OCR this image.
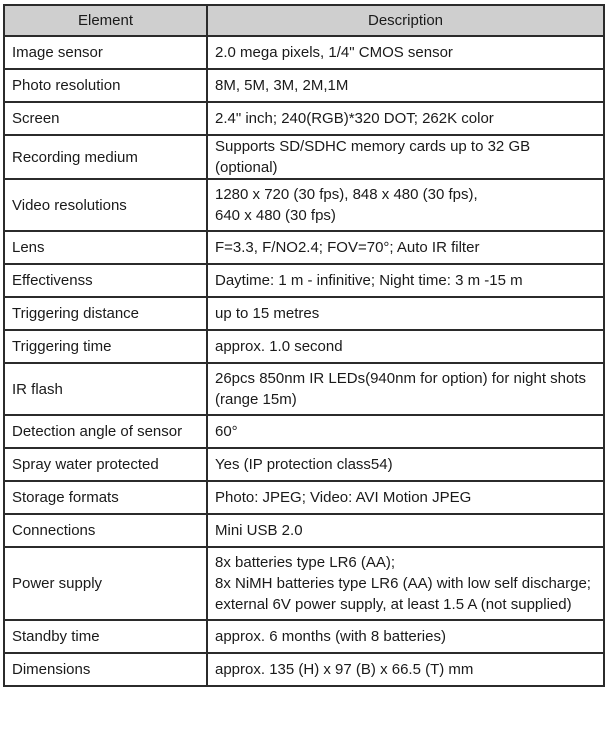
Element	Description
Image sensor	2.0 mega pixels, 1/4" CMOS sensor

Photo resolution	8M, 5M, 3M, 2M,1M

Screen	2.4" inch; 240(RGB)*320 DOT; 262K color

Recording medium	Supports SD/SDHC memory cards up to 32 GB (optional)

Video resolutions	1280 x 720 (30 fps), 848 x 480 (30 fps),
640 x 480 (30 fps)

Lens	F=3.3, F/NO2.4; FOV=70°; Auto IR filter

Effectivenss	Daytime: 1 m - infinitive; Night time: 3 m -15 m

Triggering distance	up to 15 metres

Triggering time	approx. 1.0 second

IR flash	26pcs 850nm IR LEDs(940nm for option) for night shots
(range 15m)

Detection angle of sensor	60°

Spray water protected	Yes (IP protection class54)

Storage formats	Photo: JPEG; Video: AVI Motion JPEG

Connections	Mini USB 2.0

Power supply	8x batteries type LR6 (AA);
8x NiMH batteries type LR6 (AA) with low self discharge;
external 6V power supply, at least 1.5 A (not supplied)

Standby time	approx. 6 months (with 8 batteries)

Dimensions	approx. 135 (H) x 97 (B) x 66.5 (T) mm
